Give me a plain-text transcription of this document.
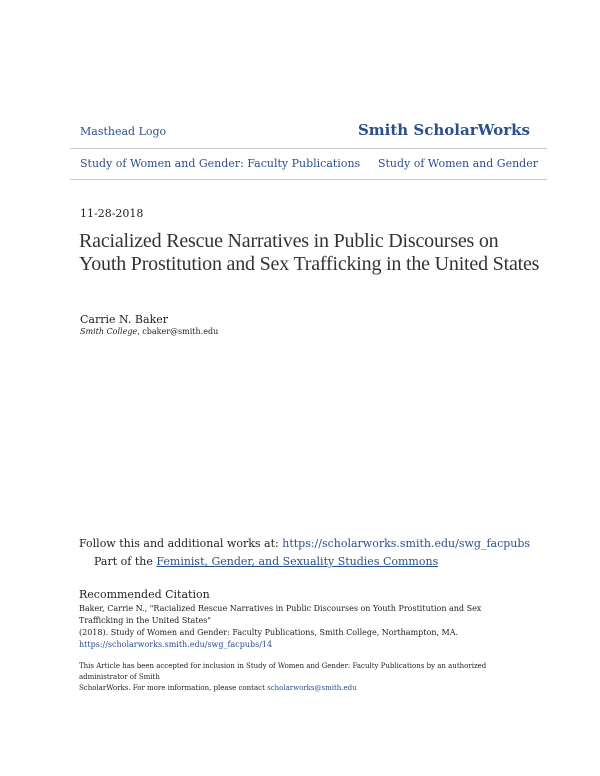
Masthead Logo	Smith ScholarWorks
Study of Women and Gender: Faculty Publications Study of Women and Gender
11-28-2018
Racialized Rescue Narratives in Public Discourses on Youth Prostitution and Sex Trafficking in the United States
Carrie N. Baker
Smith College, cbaker@smith.edu
Follow this and additional works at: https://scholarworks.smith.edu/swg_facpubs
Part of the Feminist, Gender, and Sexuality Studies Commons
Recommended Citation
Baker, Carrie N., "Racialized Rescue Narratives in Public Discourses on Youth Prostitution and Sex Trafficking in the United States"
(2018). Study of Women and Gender: Faculty Publications, Smith College, Northampton, MA.
https://scholarworks.smith.edu/swg_facpubs/14
This Article has been accepted for inclusion in Study of Women and Gender: Faculty Publications by an authorized administrator of Smith
ScholarWorks. For more information, please contact scholarworks@smith.edu
